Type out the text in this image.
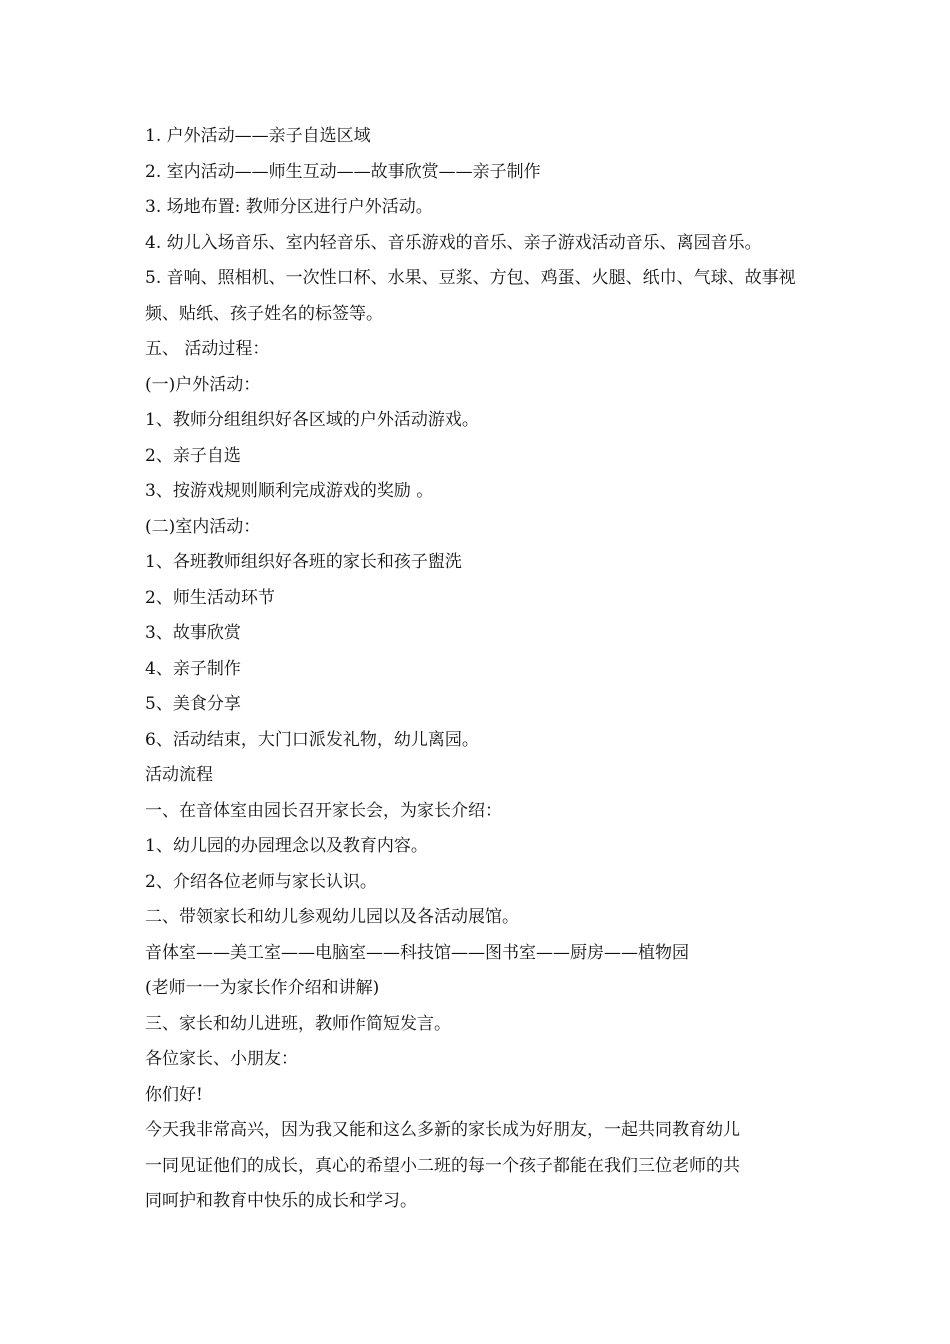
1. 户外活动——亲子自选区域
2. 室内活动——师生互动——故事欣赏——亲子制作
3. 场地布置: 教师分区进行户外活动。
4. 幼儿入场音乐、室内轻音乐、音乐游戏的音乐、亲子游戏活动音乐、离园音乐。
5. 音响、照相机、一次性口杯、水果、豆浆、方包、鸡蛋、火腿、纸巾、气球、故事视
频、贴纸、孩子姓名的标签等。
五、 活动过程：
(一)户外活动：
1、教师分组组织好各区域的户外活动游戏。
2、亲子自选
3、按游戏规则顺利完成游戏的奖励 。
(二)室内活动：
1、各班教师组织好各班的家长和孩子盥洗
2、师生活动环节
3、故事欣赏
4、亲子制作
5、美食分享
6、活动结束，大门口派发礼物，幼儿离园。
活动流程
一、在音体室由园长召开家长会，为家长介绍：
1、幼儿园的办园理念以及教育内容。
2、介绍各位老师与家长认识。
二、带领家长和幼儿参观幼儿园以及各活动展馆。
音体室——美工室——电脑室——科技馆——图书室——厨房——植物园
(老师一一为家长作介绍和讲解)
三、家长和幼儿进班，教师作简短发言。
各位家长、小朋友：
你们好!
今天我非常高兴，因为我又能和这么多新的家长成为好朋友，一起共同教育幼儿
一同见证他们的成长，真心的希望小二班的每一个孩子都能在我们三位老师的共
同呵护和教育中快乐的成长和学习。
